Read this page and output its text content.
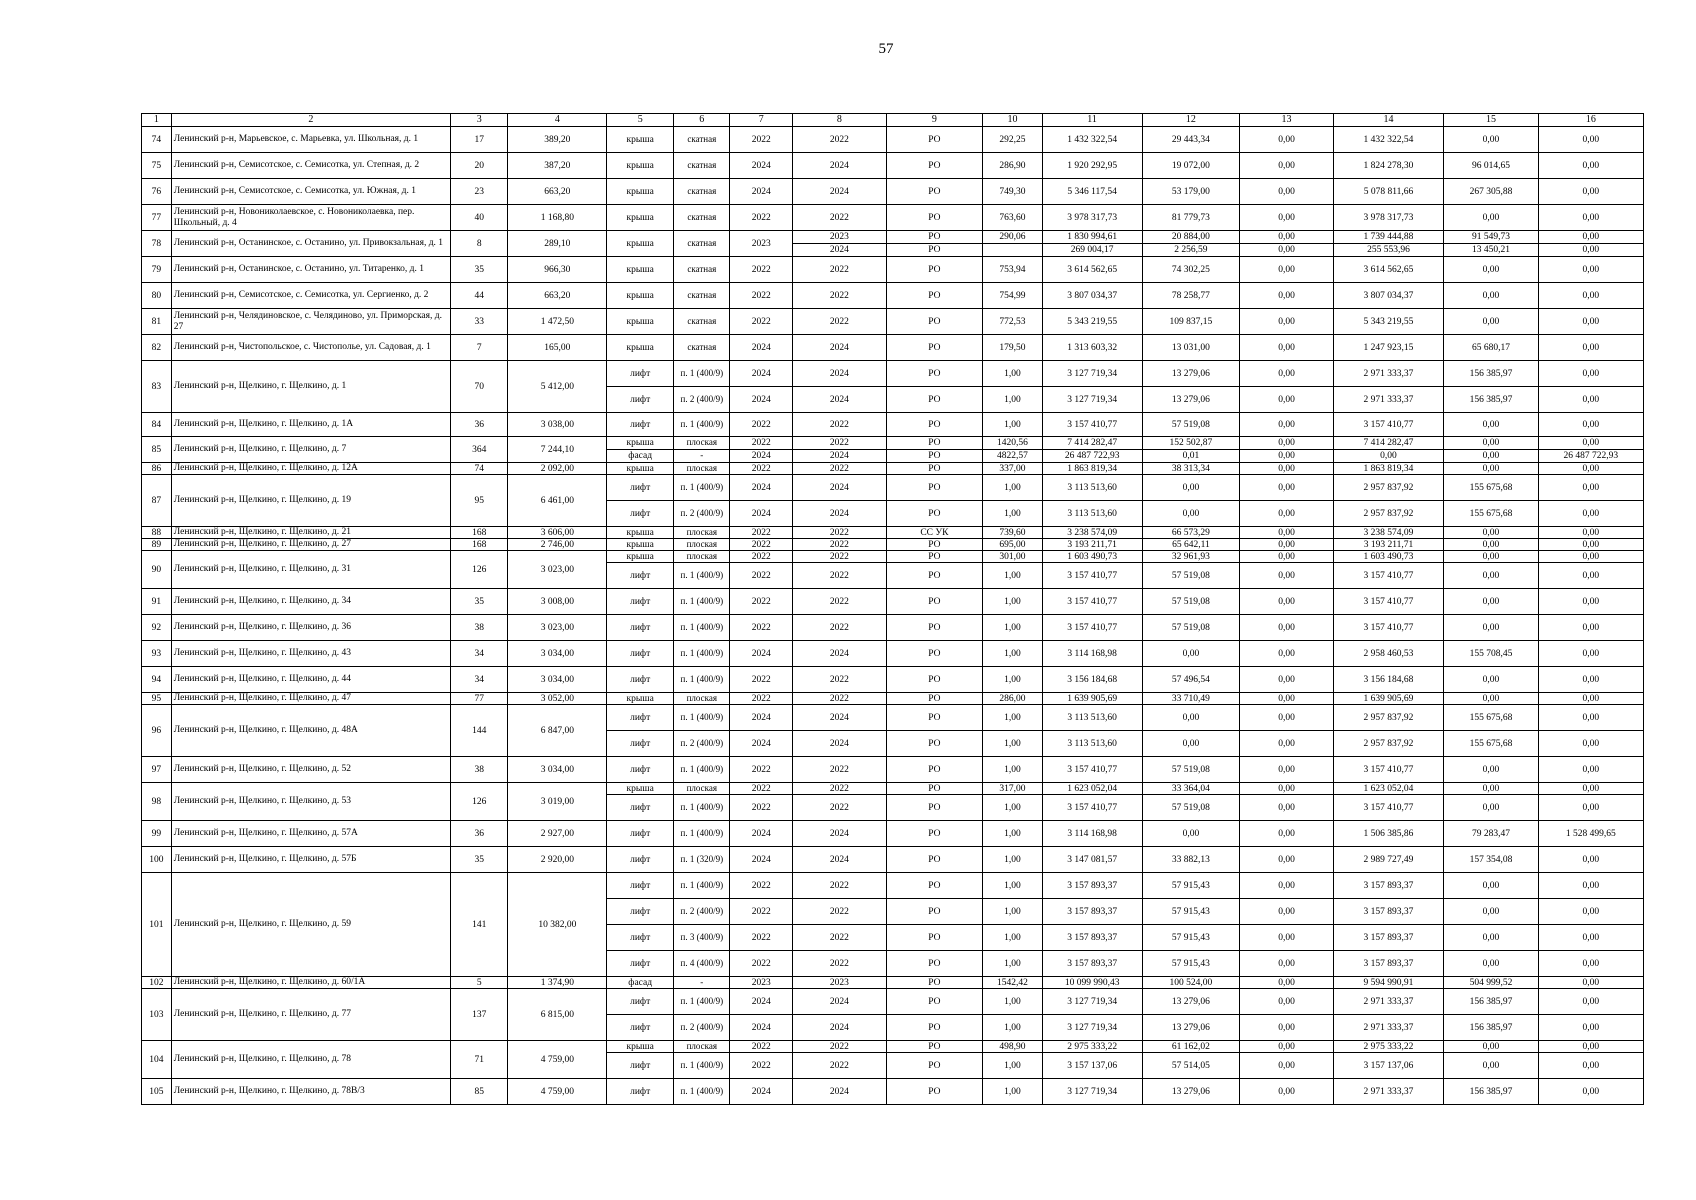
57
1	2	3	4	5	6	7	8	9	10	11	12	13	14	15	16
74	Ленинский р-н, Марьевское, с. Марьевка, ул. Школьная, д. 1	17	389,20	крыша	скатная	2022	2022	РО	292,25	1 432 322,54	29 443,34	0,00	1 432 322,54	0,00	0,00
75	Ленинский р-н, Семисотское, с. Семисотка, ул. Степная, д. 2	20	387,20	крыша	скатная	2024	2024	РО	286,90	1 920 292,95	19 072,00	0,00	1 824 278,30	96 014,65	0,00
76	Ленинский р-н, Семисотское, с. Семисотка, ул. Южная, д. 1	23	663,20	крыша	скатная	2024	2024	РО	749,30	5 346 117,54	53 179,00	0,00	5 078 811,66	267 305,88	0,00
77	Ленинский р-н, Новониколаевское, с. Новониколаевка, пер. Школьный, д. 4	40	1 168,80	крыша	скатная	2022	2022	РО	763,60	3 978 317,73	81 779,73	0,00	3 978 317,73	0,00	0,00
78	Ленинский р-н, Останинское, с. Останино, ул. Привокзальная, д. 1	8	289,10	крыша	скатная	2023	2023	РО	290,06	1 830 994,61	20 884,00	0,00	1 739 444,88	91 549,73	0,00
							2024	РО		269 004,17	2 256,59	0,00	255 553,96	13 450,21	0,00
79	Ленинский р-н, Останинское, с. Останино, ул. Титаренко, д. 1	35	966,30	крыша	скатная	2022	2022	РО	753,94	3 614 562,65	74 302,25	0,00	3 614 562,65	0,00	0,00
80	Ленинский р-н, Семисотское, с. Семисотка, ул. Сергиенко, д. 2	44	663,20	крыша	скатная	2022	2022	РО	754,99	3 807 034,37	78 258,77	0,00	3 807 034,37	0,00	0,00
81	Ленинский р-н, Челядиновское, с. Челядиново, ул. Приморская, д. 27	33	1 472,50	крыша	скатная	2022	2022	РО	772,53	5 343 219,55	109 837,15	0,00	5 343 219,55	0,00	0,00
82	Ленинский р-н, Чистопольское, с. Чистополье, ул. Садовая, д. 1	7	165,00	крыша	скатная	2024	2024	РО	179,50	1 313 603,32	13 031,00	0,00	1 247 923,15	65 680,17	0,00
83	Ленинский р-н, Щелкино, г. Щелкино, д. 1	70	5 412,00	лифт	п. 1 (400/9)	2024	2024	РО	1,00	3 127 719,34	13 279,06	0,00	2 971 333,37	156 385,97	0,00
				лифт	п. 2 (400/9)	2024	2024	РО	1,00	3 127 719,34	13 279,06	0,00	2 971 333,37	156 385,97	0,00
84	Ленинский р-н, Щелкино, г. Щелкино, д. 1А	36	3 038,00	лифт	п. 1 (400/9)	2022	2022	РО	1,00	3 157 410,77	57 519,08	0,00	3 157 410,77	0,00	0,00
85	Ленинский р-н, Щелкино, г. Щелкино, д. 7	364	7 244,10	крыша	плоская	2022	2022	РО	1420,56	7 414 282,47	152 502,87	0,00	7 414 282,47	0,00	0,00
				фасад	-	2024	2024	РО	4822,57	26 487 722,93	0,01	0,00	0,00	0,00	26 487 722,93
86	Ленинский р-н, Щелкино, г. Щелкино, д. 12А	74	2 092,00	крыша	плоская	2022	2022	РО	337,00	1 863 819,34	38 313,34	0,00	1 863 819,34	0,00	0,00
87	Ленинский р-н, Щелкино, г. Щелкино, д. 19	95	6 461,00	лифт	п. 1 (400/9)	2024	2024	РО	1,00	3 113 513,60	0,00	0,00	2 957 837,92	155 675,68	0,00
				лифт	п. 2 (400/9)	2024	2024	РО	1,00	3 113 513,60	0,00	0,00	2 957 837,92	155 675,68	0,00
88	Ленинский р-н, Щелкино, г. Щелкино, д. 21	168	3 606,00	крыша	плоская	2022	2022	СС УК	739,60	3 238 574,09	66 573,29	0,00	3 238 574,09	0,00	0,00
89	Ленинский р-н, Щелкино, г. Щелкино, д. 27	168	2 746,00	крыша	плоская	2022	2022	РО	695,00	3 193 211,71	65 642,11	0,00	3 193 211,71	0,00	0,00
90	Ленинский р-н, Щелкино, г. Щелкино, д. 31	126	3 023,00	крыша	плоская	2022	2022	РО	301,00	1 603 490,73	32 961,93	0,00	1 603 490,73	0,00	0,00
				лифт	п. 1 (400/9)	2022	2022	РО	1,00	3 157 410,77	57 519,08	0,00	3 157 410,77	0,00	0,00
91	Ленинский р-н, Щелкино, г. Щелкино, д. 34	35	3 008,00	лифт	п. 1 (400/9)	2022	2022	РО	1,00	3 157 410,77	57 519,08	0,00	3 157 410,77	0,00	0,00
92	Ленинский р-н, Щелкино, г. Щелкино, д. 36	38	3 023,00	лифт	п. 1 (400/9)	2022	2022	РО	1,00	3 157 410,77	57 519,08	0,00	3 157 410,77	0,00	0,00
93	Ленинский р-н, Щелкино, г. Щелкино, д. 43	34	3 034,00	лифт	п. 1 (400/9)	2024	2024	РО	1,00	3 114 168,98	0,00	0,00	2 958 460,53	155 708,45	0,00
94	Ленинский р-н, Щелкино, г. Щелкино, д. 44	34	3 034,00	лифт	п. 1 (400/9)	2022	2022	РО	1,00	3 156 184,68	57 496,54	0,00	3 156 184,68	0,00	0,00
95	Ленинский р-н, Щелкино, г. Щелкино, д. 47	77	3 052,00	крыша	плоская	2022	2022	РО	286,00	1 639 905,69	33 710,49	0,00	1 639 905,69	0,00	0,00
96	Ленинский р-н, Щелкино, г. Щелкино, д. 48А	144	6 847,00	лифт	п. 1 (400/9)	2024	2024	РО	1,00	3 113 513,60	0,00	0,00	2 957 837,92	155 675,68	0,00
				лифт	п. 2 (400/9)	2024	2024	РО	1,00	3 113 513,60	0,00	0,00	2 957 837,92	155 675,68	0,00
97	Ленинский р-н, Щелкино, г. Щелкино, д. 52	38	3 034,00	лифт	п. 1 (400/9)	2022	2022	РО	1,00	3 157 410,77	57 519,08	0,00	3 157 410,77	0,00	0,00
98	Ленинский р-н, Щелкино, г. Щелкино, д. 53	126	3 019,00	крыша	плоская	2022	2022	РО	317,00	1 623 052,04	33 364,04	0,00	1 623 052,04	0,00	0,00
				лифт	п. 1 (400/9)	2022	2022	РО	1,00	3 157 410,77	57 519,08	0,00	3 157 410,77	0,00	0,00
99	Ленинский р-н, Щелкино, г. Щелкино, д. 57А	36	2 927,00	лифт	п. 1 (400/9)	2024	2024	РО	1,00	3 114 168,98	0,00	0,00	1 506 385,86	79 283,47	1 528 499,65
100	Ленинский р-н, Щелкино, г. Щелкино, д. 57Б	35	2 920,00	лифт	п. 1 (320/9)	2024	2024	РО	1,00	3 147 081,57	33 882,13	0,00	2 989 727,49	157 354,08	0,00
101	Ленинский р-н, Щелкино, г. Щелкино, д. 59	141	10 382,00	лифт	п. 1 (400/9)	2022	2022	РО	1,00	3 157 893,37	57 915,43	0,00	3 157 893,37	0,00	0,00
				лифт	п. 2 (400/9)	2022	2022	РО	1,00	3 157 893,37	57 915,43	0,00	3 157 893,37	0,00	0,00
				лифт	п. 3 (400/9)	2022	2022	РО	1,00	3 157 893,37	57 915,43	0,00	3 157 893,37	0,00	0,00
				лифт	п. 4 (400/9)	2022	2022	РО	1,00	3 157 893,37	57 915,43	0,00	3 157 893,37	0,00	0,00
102	Ленинский р-н, Щелкино, г. Щелкино, д. 60/1А	5	1 374,90	фасад	-	2023	2023	РО	1542,42	10 099 990,43	100 524,00	0,00	9 594 990,91	504 999,52	0,00
103	Ленинский р-н, Щелкино, г. Щелкино, д. 77	137	6 815,00	лифт	п. 1 (400/9)	2024	2024	РО	1,00	3 127 719,34	13 279,06	0,00	2 971 333,37	156 385,97	0,00
				лифт	п. 2 (400/9)	2024	2024	РО	1,00	3 127 719,34	13 279,06	0,00	2 971 333,37	156 385,97	0,00
104	Ленинский р-н, Щелкино, г. Щелкино, д. 78	71	4 759,00	крыша	плоская	2022	2022	РО	498,90	2 975 333,22	61 162,02	0,00	2 975 333,22	0,00	0,00
				лифт	п. 1 (400/9)	2022	2022	РО	1,00	3 157 137,06	57 514,05	0,00	3 157 137,06	0,00	0,00
105	Ленинский р-н, Щелкино, г. Щелкино, д. 78В/3	85	4 759,00	лифт	п. 1 (400/9)	2024	2024	РО	1,00	3 127 719,34	13 279,06	0,00	2 971 333,37	156 385,97	0,00
